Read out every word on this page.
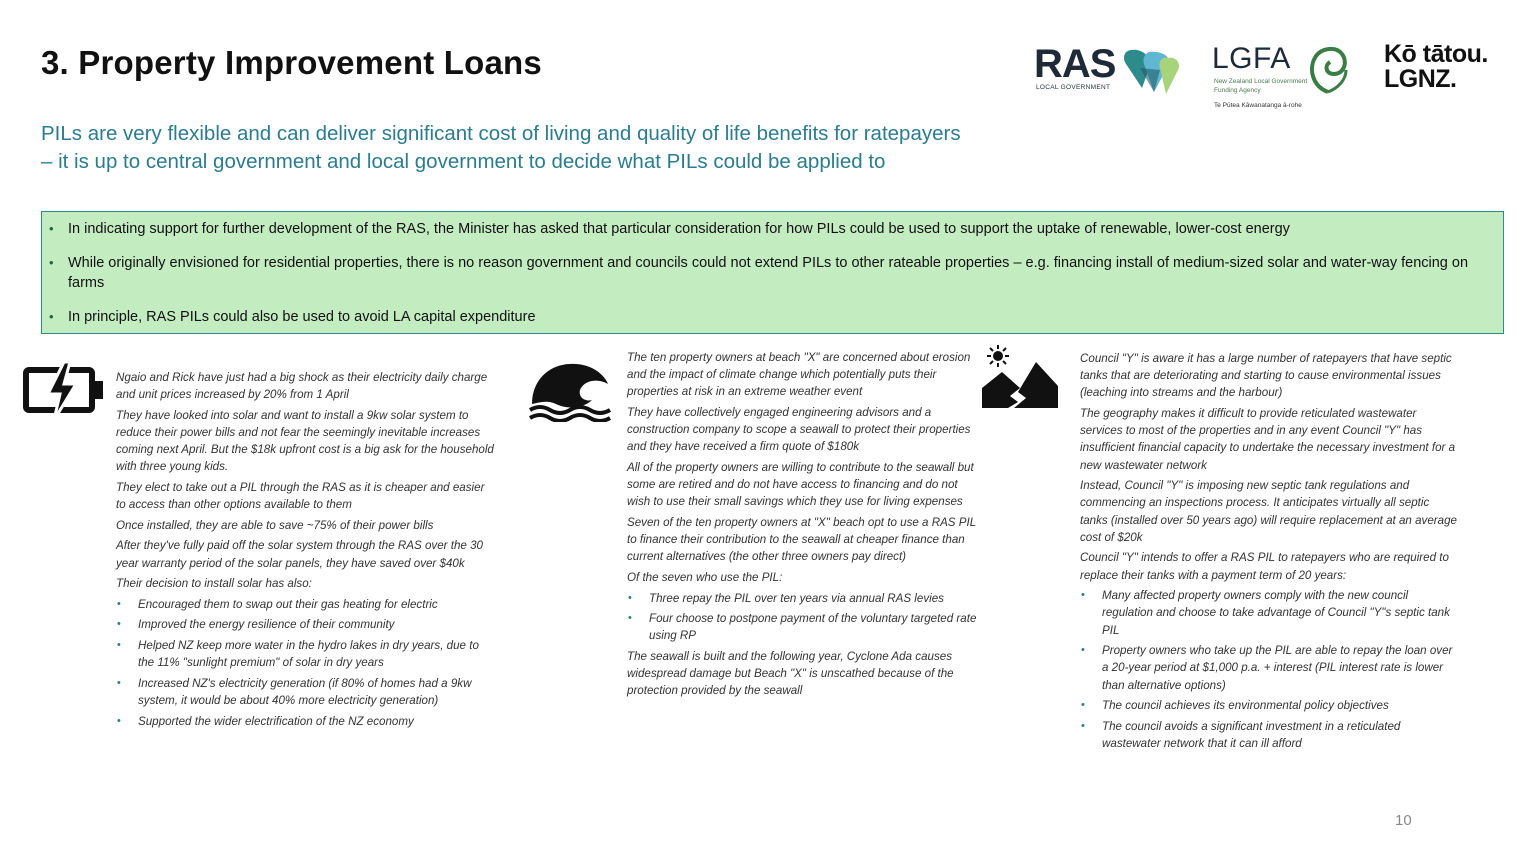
3. Property Improvement Loans	RAS
LOCAL GOVERNMENT
LGFA
New Zealand Local Government Funding Agency
Te Pūtea Kāwanatanga ā-rohe
Kō tātou.
LGNZ.
PILs are very flexible and can deliver significant cost of living and quality of life benefits for ratepayers
– it is up to central government and local government to decide what PILs could be applied to
• In indicating support for further development of the RAS, the Minister has asked that particular consideration for how PILs could be used to support the uptake of renewable, lower-cost energy
• While originally envisioned for residential properties, there is no reason government and councils could not extend PILs to other rateable properties – e.g. financing install of medium-sized solar and water-way fencing on farms
• In principle, RAS PILs could also be used to avoid LA capital expenditure

Ngaio and Rick have just had a big shock as their electricity daily charge and unit prices increased by 20% from 1 April

They have looked into solar and want to install a 9kw solar system to reduce their power bills and not fear the seemingly inevitable increases coming next April. But the $18k upfront cost is a big ask for the household with three young kids.

They elect to take out a PIL through the RAS as it is cheaper and easier to access than other options available to them

Once installed, they are able to save ~75% of their power bills

After they've fully paid off the solar system through the RAS over the 30 year warranty period of the solar panels, they have saved over $40k

Their decision to install solar has also:

• Encouraged them to swap out their gas heating for electric
• Improved the energy resilience of their community
• Helped NZ keep more water in the hydro lakes in dry years, due to the 11% "sunlight premium" of solar in dry years
• Increased NZ's electricity generation (if 80% of homes had a 9kw system, it would be about 40% more electricity generation)
• Supported the wider electrification of the NZ economy

The ten property owners at beach "X" are concerned about erosion and the impact of climate change which potentially puts their properties at risk in an extreme weather event

They have collectively engaged engineering advisors and a construction company to scope a seawall to protect their properties and they have received a firm quote of $180k

All of the property owners are willing to contribute to the seawall but some are retired and do not have access to financing and do not wish to use their small savings which they use for living expenses

Seven of the ten property owners at "X" beach opt to use a RAS PIL to finance their contribution to the seawall at cheaper finance than current alternatives (the other three owners pay direct)

Of the seven who use the PIL:

• Three repay the PIL over ten years via annual RAS levies
• Four choose to postpone payment of the voluntary targeted rate using RP

The seawall is built and the following year, Cyclone Ada causes widespread damage but Beach "X" is unscathed because of the protection provided by the seawall

Council "Y" is aware it has a large number of ratepayers that have septic tanks that are deteriorating and starting to cause environmental issues (leaching into streams and the harbour)

The geography makes it difficult to provide reticulated wastewater services to most of the properties and in any event Council "Y" has insufficient financial capacity to undertake the necessary investment for a new wastewater network

Instead, Council "Y" is imposing new septic tank regulations and commencing an inspections process. It anticipates virtually all septic tanks (installed over 50 years ago) will require replacement at an average cost of $20k

Council "Y" intends to offer a RAS PIL to ratepayers who are required to replace their tanks with a payment term of 20 years:

• Many affected property owners comply with the new council regulation and choose to take advantage of Council "Y"s septic tank PIL
• Property owners who take up the PIL are able to repay the loan over a 20-year period at $1,000 p.a. + interest (PIL interest rate is lower than alternative options)
• The council achieves its environmental policy objectives
• The council avoids a significant investment in a reticulated wastewater network that it can ill afford
10
